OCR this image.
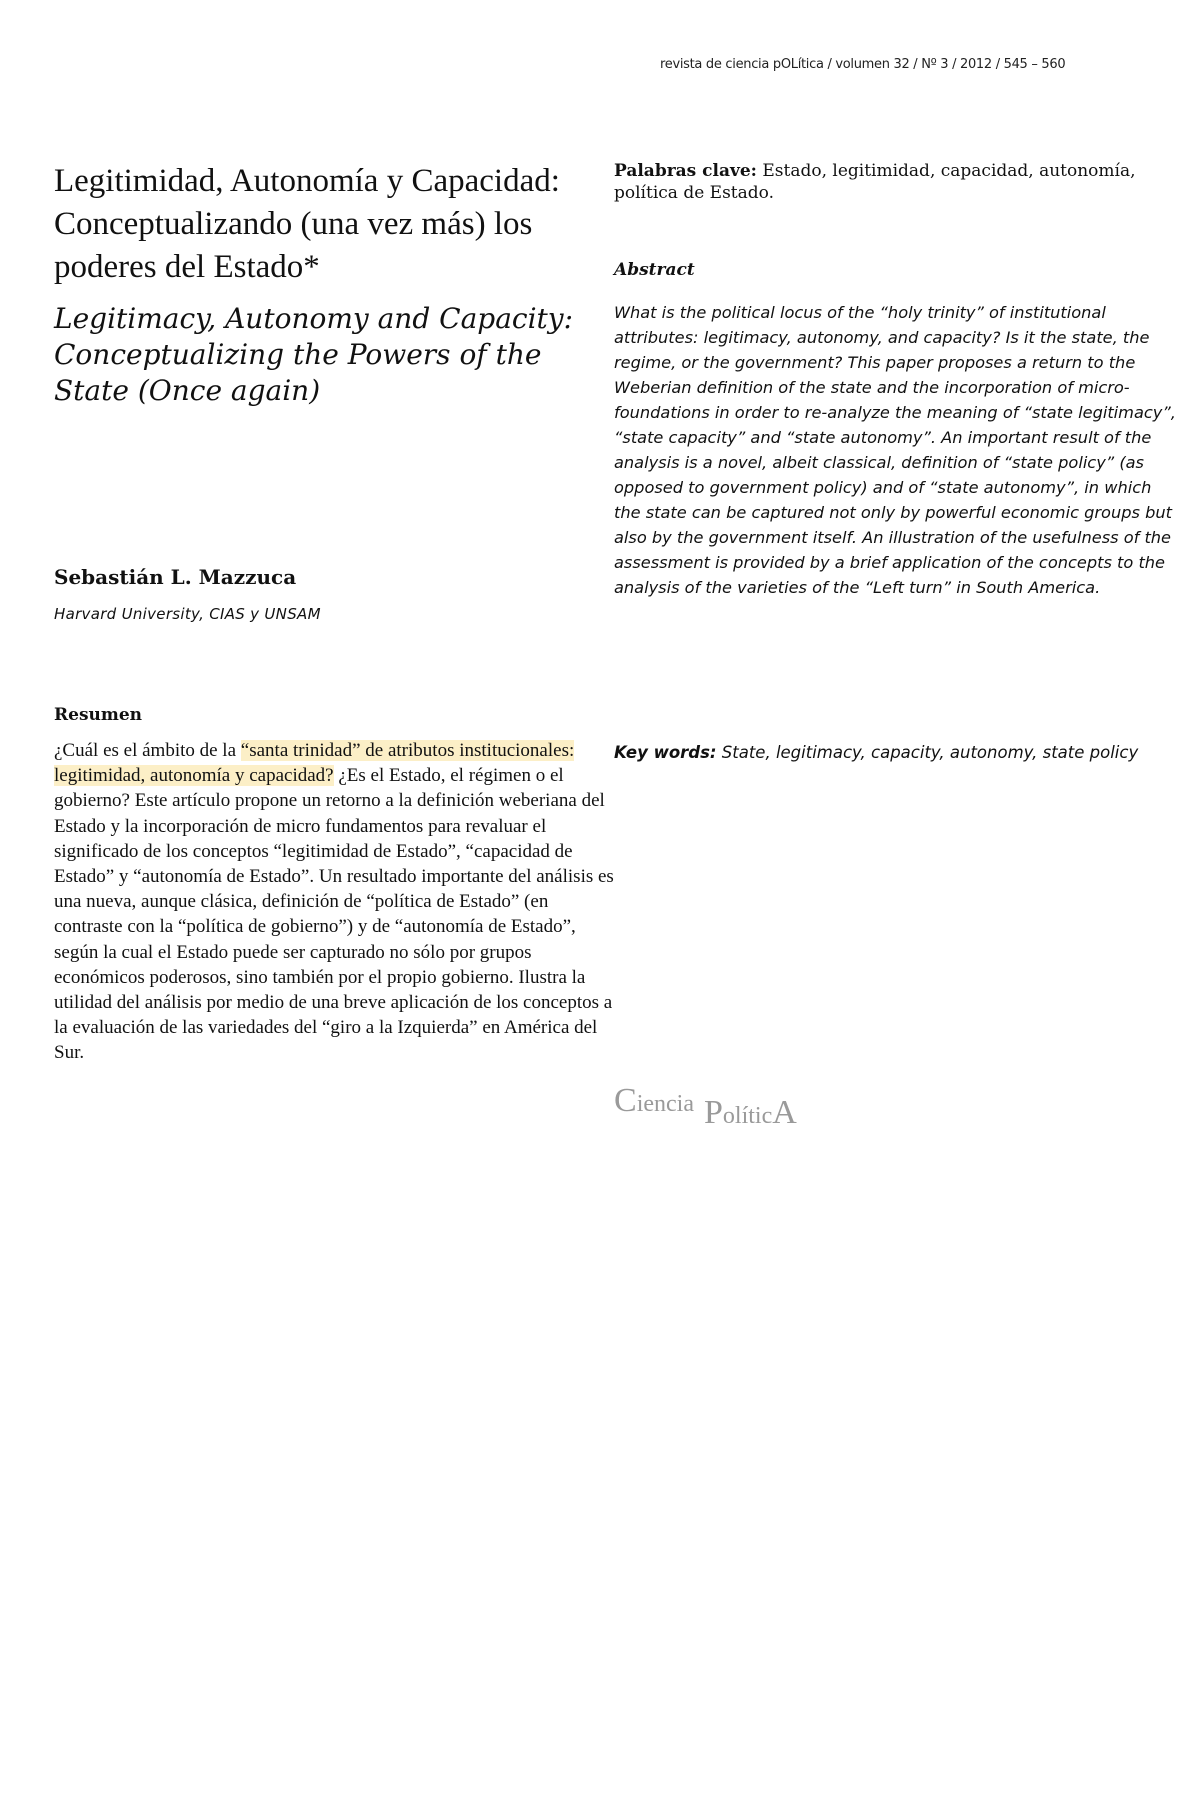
revista de ciencia pOLítica / volumen 32 / Nº 3 / 2012 / 545 – 560
Legitimidad, Autonomía y Capacidad: Conceptualizando (una vez más) los poderes del Estado*
Legitimacy, Autonomy and Capacity: Conceptualizing the Powers of the State (Once again)
Sebastián L. Mazzuca
Harvard University, CIAS y UNSAM
Resumen
¿Cuál es el ámbito de la “santa trinidad” de atributos institucionales: legitimidad, autonomía y capacidad? ¿Es el Estado, el régimen o el gobierno? Este artículo propone un retorno a la definición weberiana del Estado y la incorporación de micro fundamentos para revaluar el significado de los conceptos “legitimidad de Estado”, “capacidad de Estado” y “autonomía de Estado”. Un resultado importante del análisis es una nueva, aunque clásica, definición de “política de Estado” (en contraste con la “política de gobierno”) y de “autonomía de Estado”, según la cual el Estado puede ser capturado no sólo por grupos económicos poderosos, sino también por el propio gobierno. Ilustra la utilidad del análisis por medio de una breve aplicación de los conceptos a la evaluación de las variedades del “giro a la Izquierda” en América del Sur.

Palabras clave: Estado, legitimidad, capacidad, autonomía, política de Estado.

Abstract
What is the political locus of the “holy trinity” of institutional attributes: legitimacy, autonomy, and capacity? Is it the state, the regime, or the government? This paper proposes a return to the Weberian definition of the state and the incorporation of micro-foundations in order to re-analyze the meaning of “state legitimacy”, “state capacity” and “state autonomy”. An important result of the analysis is a novel, albeit classical, definition of “state policy” (as opposed to government policy) and of “state autonomy”, in which the state can be captured not only by powerful economic groups but also by the government itself. An illustration of the usefulness of the assessment is provided by a brief application of the concepts to the analysis of the varieties of the “Left turn” in South America.
Key words: State, legitimacy, capacity, autonomy, state policy
Ciencia PolíticA
